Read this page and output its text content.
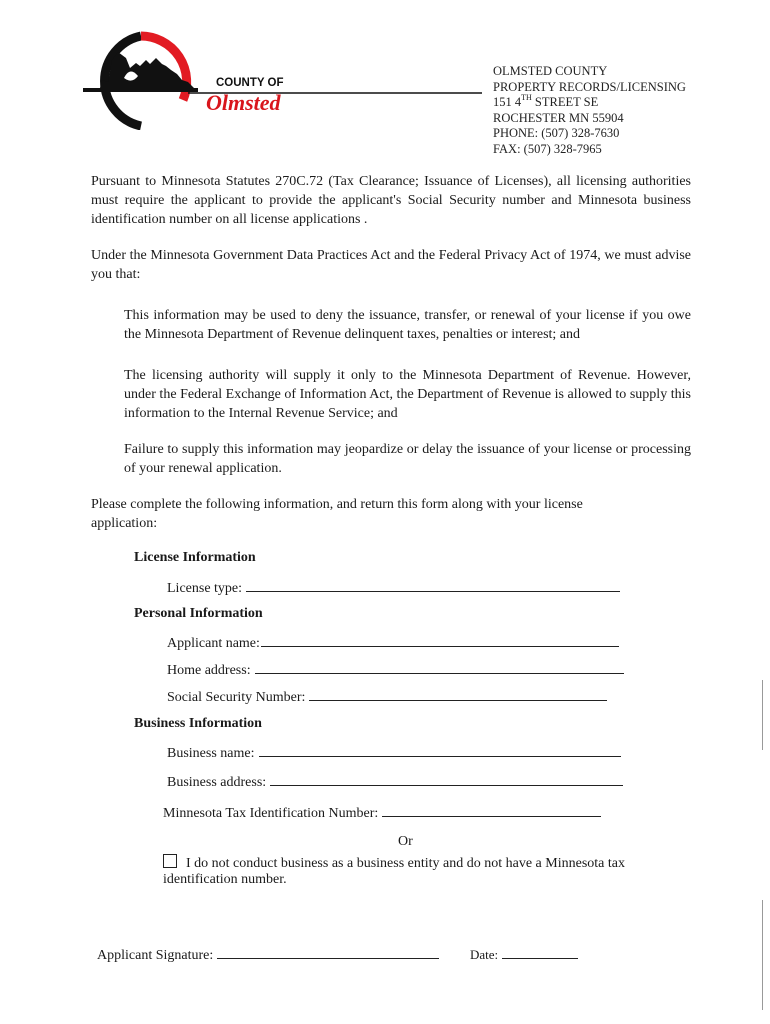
COUNTY OF
Olmsted
OLMSTED COUNTY
PROPERTY RECORDS/LICENSING
151 4TH STREET SE
ROCHESTER MN 55904
PHONE: (507) 328-7630
FAX: (507) 328-7965
Pursuant to Minnesota Statutes 270C.72 (Tax Clearance; Issuance of Licenses), all licensing authorities must require the applicant to provide the applicant's Social Security number and Minnesota business identification number on all license applications .
Under the Minnesota Government Data Practices Act and the Federal Privacy Act of 1974, we must advise you that:
This information may be used to deny the issuance, transfer, or renewal of your license if you owe the Minnesota Department of Revenue delinquent taxes, penalties or interest; and
The licensing authority will supply it only to the Minnesota Department of Revenue. However, under the Federal Exchange of Information Act, the Department of Revenue is allowed to supply this information to the Internal Revenue Service; and
Failure to supply this information may jeopardize or delay the issuance of your license or processing of your renewal application.
Please complete the following information, and return this form along with your license application:
License Information
License type:
Personal Information
Applicant name:
Home address:
Social Security Number:
Business Information
Business name:
Business address:
Minnesota Tax Identification Number:
Or
I do not conduct business as a business entity and do not have a Minnesota tax
identification number.
Applicant Signature:	Date:
